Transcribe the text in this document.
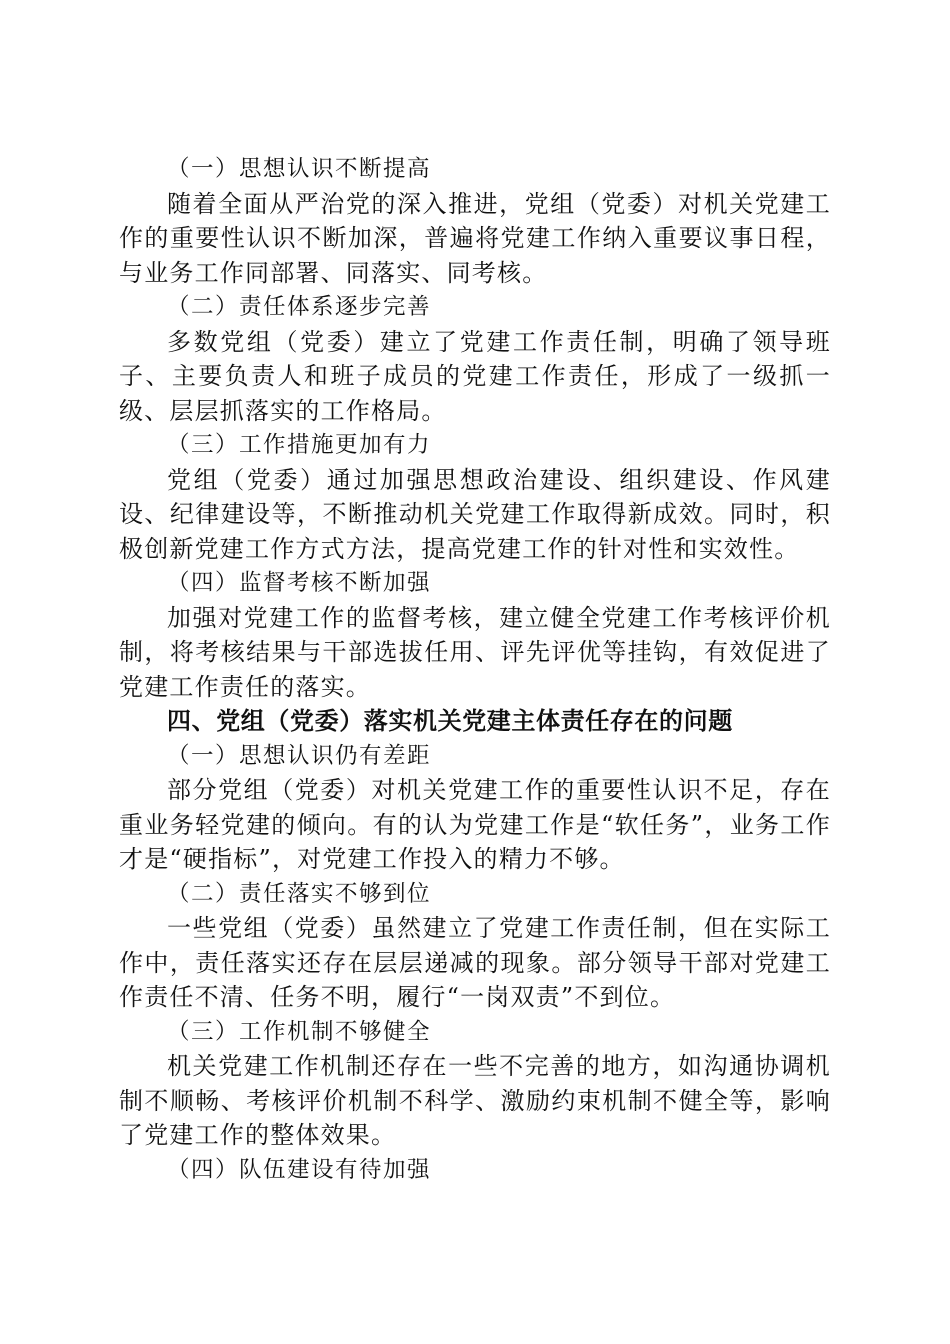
（一）思想认识不断提高
随着全面从严治党的深入推进，党组（党委）对机关党建工作的重要性认识不断加深，普遍将党建工作纳入重要议事日程，与业务工作同部署、同落实、同考核。
（二）责任体系逐步完善
多数党组（党委）建立了党建工作责任制，明确了领导班子、主要负责人和班子成员的党建工作责任，形成了一级抓一级、层层抓落实的工作格局。
（三）工作措施更加有力
党组（党委）通过加强思想政治建设、组织建设、作风建设、纪律建设等，不断推动机关党建工作取得新成效。同时，积极创新党建工作方式方法，提高党建工作的针对性和实效性。
（四）监督考核不断加强
加强对党建工作的监督考核，建立健全党建工作考核评价机制，将考核结果与干部选拔任用、评先评优等挂钩，有效促进了党建工作责任的落实。
四、党组（党委）落实机关党建主体责任存在的问题
（一）思想认识仍有差距
部分党组（党委）对机关党建工作的重要性认识不足，存在重业务轻党建的倾向。有的认为党建工作是“软任务”，业务工作才是“硬指标”，对党建工作投入的精力不够。
（二）责任落实不够到位
一些党组（党委）虽然建立了党建工作责任制，但在实际工作中，责任落实还存在层层递减的现象。部分领导干部对党建工作责任不清、任务不明，履行“一岗双责”不到位。
（三）工作机制不够健全
机关党建工作机制还存在一些不完善的地方，如沟通协调机制不顺畅、考核评价机制不科学、激励约束机制不健全等，影响了党建工作的整体效果。
（四）队伍建设有待加强
